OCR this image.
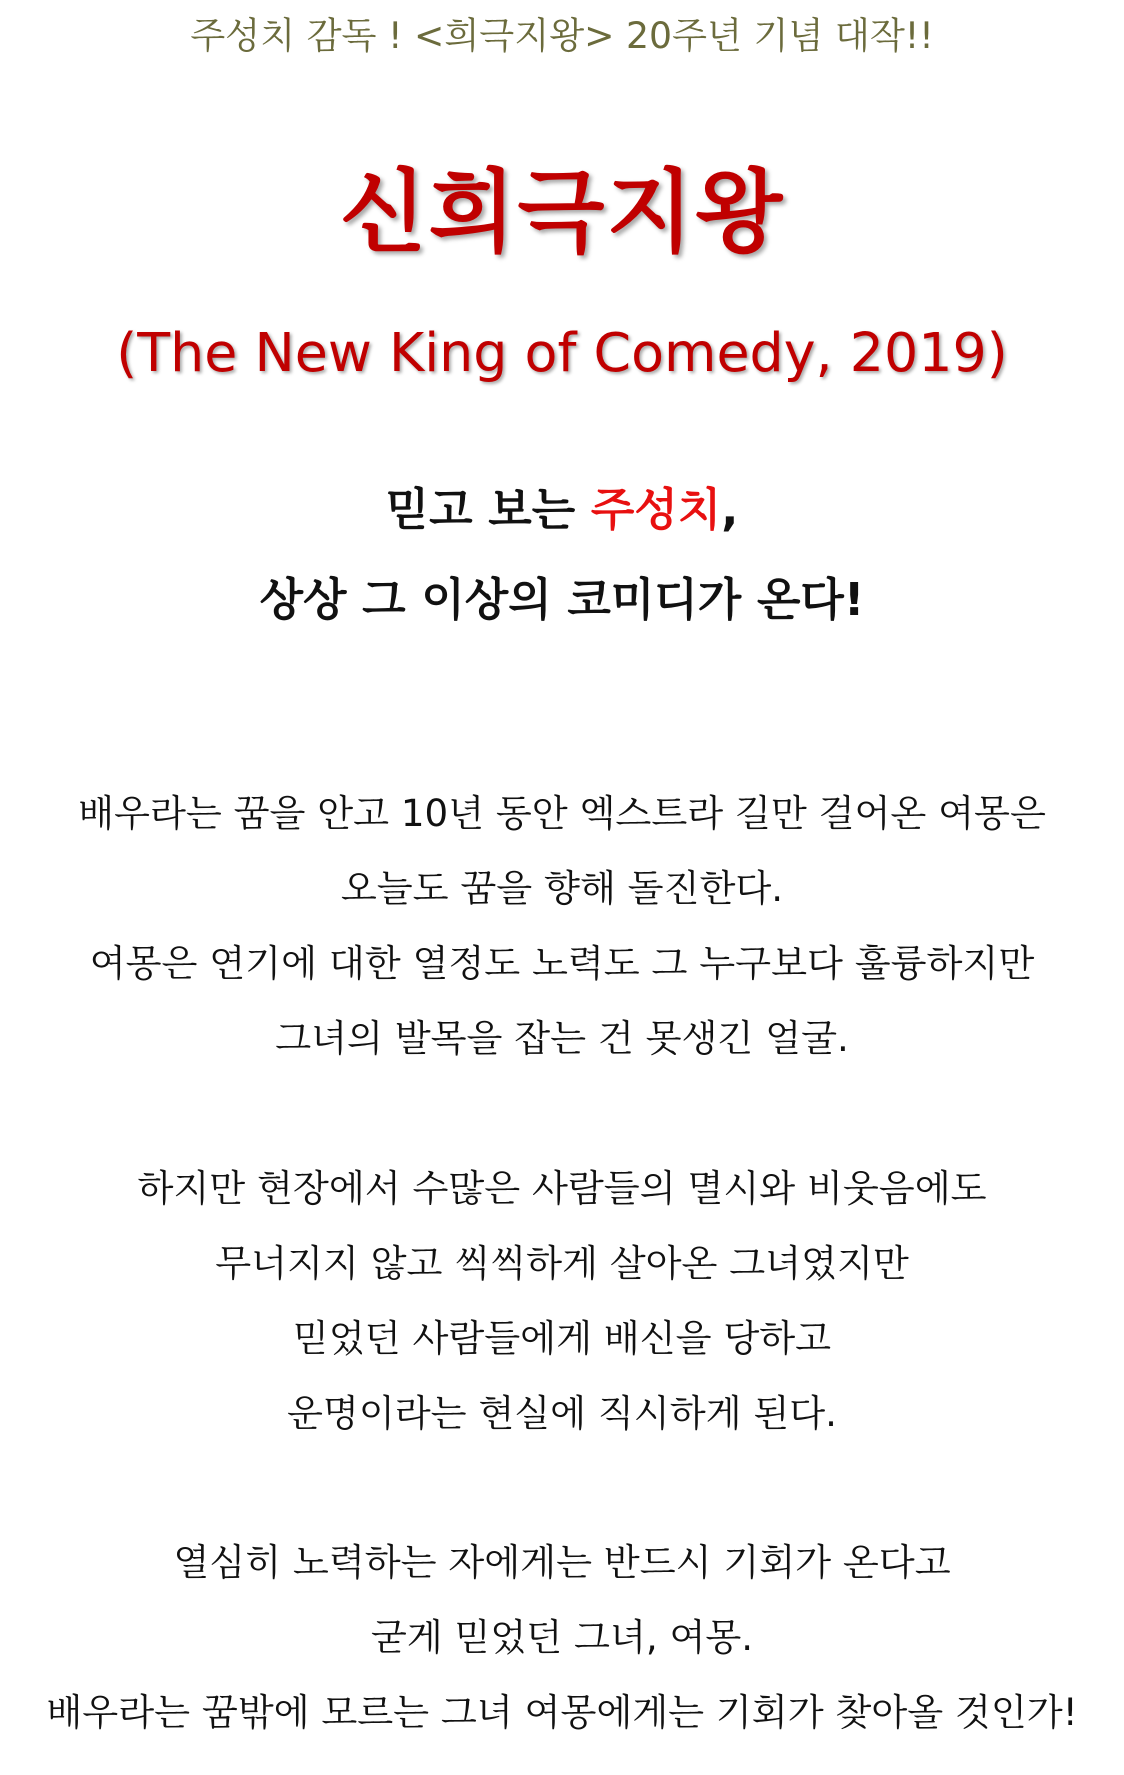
주성치 감독 ! <희극지왕> 20주년 기념 대작!!
신희극지왕
(The New King of Comedy, 2019)
믿고 보는 주성치,
상상 그 이상의 코미디가 온다!
배우라는 꿈을 안고 10년 동안 엑스트라 길만 걸어온 여몽은
오늘도 꿈을 향해 돌진한다.
여몽은 연기에 대한 열정도 노력도 그 누구보다 훌륭하지만
그녀의 발목을 잡는 건 못생긴 얼굴.
하지만 현장에서 수많은 사람들의 멸시와 비웃음에도
무너지지 않고 씩씩하게 살아온 그녀였지만
믿었던 사람들에게 배신을 당하고
운명이라는 현실에 직시하게 된다.
열심히 노력하는 자에게는 반드시 기회가 온다고
굳게 믿었던 그녀, 여몽.
배우라는 꿈밖에 모르는 그녀 여몽에게는 기회가 찾아올 것인가!
